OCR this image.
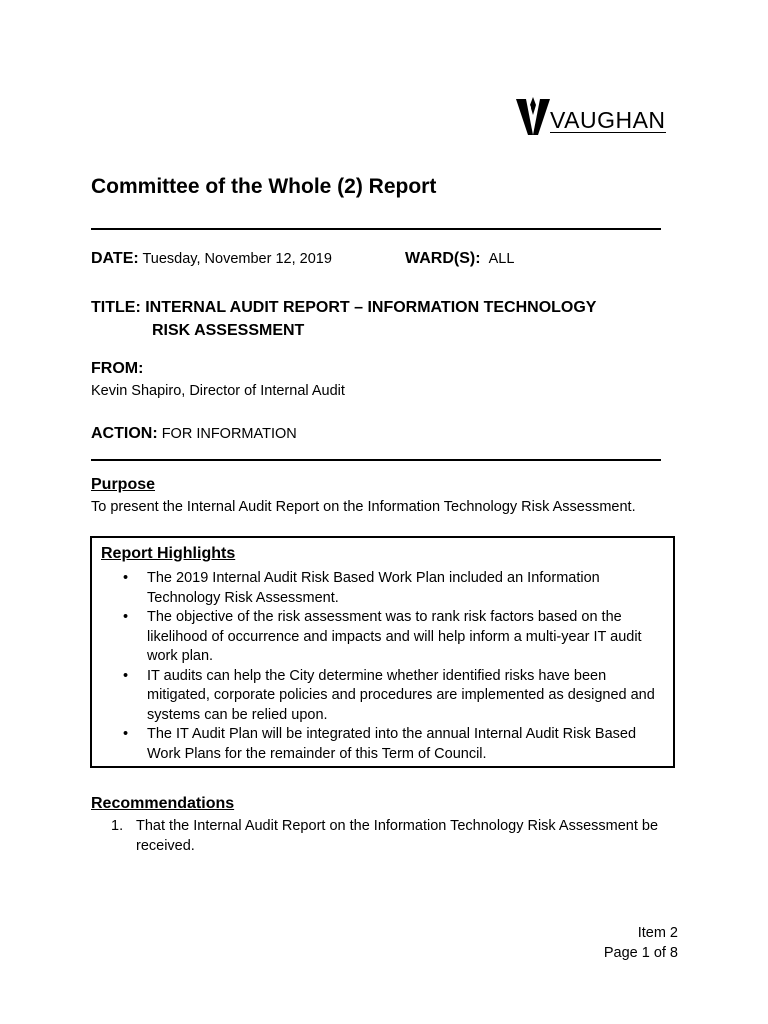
VAUGHAN
Committee of the Whole (2) Report
DATE: Tuesday, November 12, 2019	WARD(S): ALL
TITLE: INTERNAL AUDIT REPORT – INFORMATION TECHNOLOGY
RISK ASSESSMENT
FROM:
Kevin Shapiro, Director of Internal Audit
ACTION: FOR INFORMATION
Purpose
To present the Internal Audit Report on the Information Technology Risk Assessment.
Report Highlights
• The 2019 Internal Audit Risk Based Work Plan included an Information Technology Risk Assessment.
• The objective of the risk assessment was to rank risk factors based on the likelihood of occurrence and impacts and will help inform a multi-year IT audit work plan.
• IT audits can help the City determine whether identified risks have been mitigated, corporate policies and procedures are implemented as designed and systems can be relied upon.
• The IT Audit Plan will be integrated into the annual Internal Audit Risk Based Work Plans for the remainder of this Term of Council.
Recommendations
1. That the Internal Audit Report on the Information Technology Risk Assessment be received.
Item 2
Page 1 of 8
